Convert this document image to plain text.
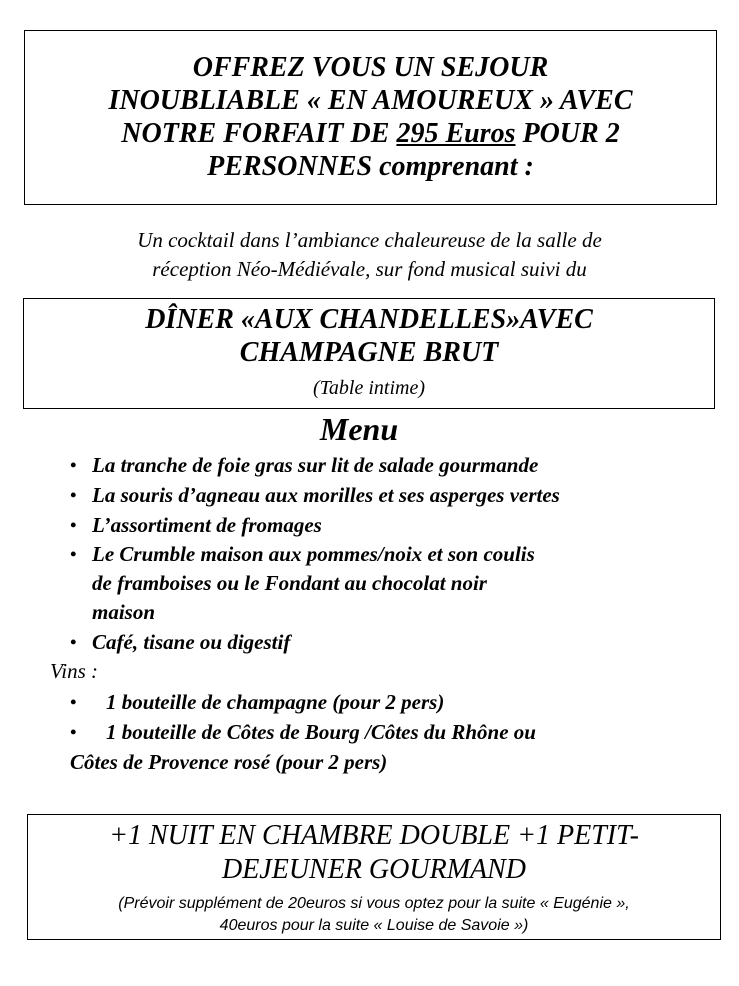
OFFREZ VOUS UN SEJOUR

INOUBLIABLE « EN AMOUREUX » AVEC

NOTRE FORFAIT DE 295 Euros POUR 2

PERSONNES comprenant :

Un cocktail dans l’ambiance chaleureuse de la salle de
réception Néo-Médiévale, sur fond musical suivi du
DÎNER «AUX CHANDELLES»AVEC
CHAMPAGNE BRUT
(Table intime)
Menu
• La tranche de foie gras sur lit de salade gourmande
• La souris d’agneau aux morilles et ses asperges vertes
• L’assortiment de fromages
• Le Crumble maison aux pommes/noix et son coulis
de framboises ou le Fondant au chocolat noir
maison
• Café, tisane ou digestif
Vins :
• 1 bouteille de champagne (pour 2 pers)
• 1 bouteille de Côtes de Bourg /Côtes du Rhône ou
Côtes de Provence rosé (pour 2 pers)
+1 NUIT EN CHAMBRE DOUBLE +1 PETIT-
DEJEUNER GOURMAND
(Prévoir supplément de 20euros si vous optez pour la suite « Eugénie »,
40euros pour la suite « Louise de Savoie »)
